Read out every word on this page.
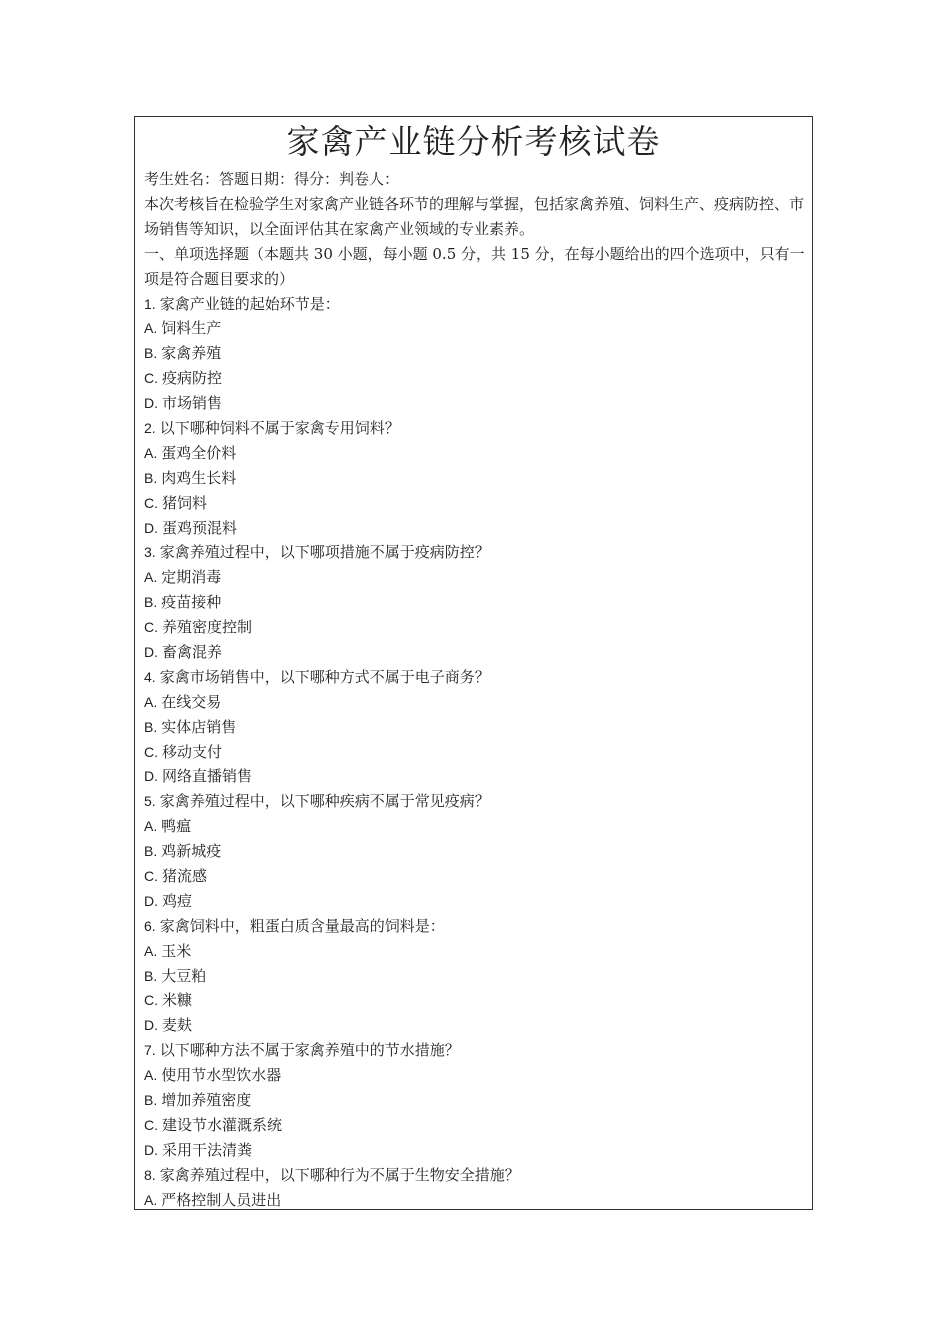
家禽产业链分析考核试卷
考生姓名：答题日期：得分：判卷人：
本次考核旨在检验学生对家禽产业链各环节的理解与掌握，包括家禽养殖、饲料生产、疫病防控、市场销售等知识，以全面评估其在家禽产业领域的专业素养。
一、单项选择题（本题共 30 小题，每小题 0.5 分，共 15 分，在每小题给出的四个选项中，只有一项是符合题目要求的）
1. 家禽产业链的起始环节是：
A. 饲料生产
B. 家禽养殖
C. 疫病防控
D. 市场销售
2. 以下哪种饲料不属于家禽专用饲料？
A. 蛋鸡全价料
B. 肉鸡生长料
C. 猪饲料
D. 蛋鸡预混料
3. 家禽养殖过程中，以下哪项措施不属于疫病防控？
A. 定期消毒
B. 疫苗接种
C. 养殖密度控制
D. 畜禽混养
4. 家禽市场销售中，以下哪种方式不属于电子商务？
A. 在线交易
B. 实体店销售
C. 移动支付
D. 网络直播销售
5. 家禽养殖过程中，以下哪种疾病不属于常见疫病？
A. 鸭瘟
B. 鸡新城疫
C. 猪流感
D. 鸡痘
6. 家禽饲料中，粗蛋白质含量最高的饲料是：
A. 玉米
B. 大豆粕
C. 米糠
D. 麦麸
7. 以下哪种方法不属于家禽养殖中的节水措施？
A. 使用节水型饮水器
B. 增加养殖密度
C. 建设节水灌溉系统
D. 采用干法清粪
8. 家禽养殖过程中，以下哪种行为不属于生物安全措施？
A. 严格控制人员进出
